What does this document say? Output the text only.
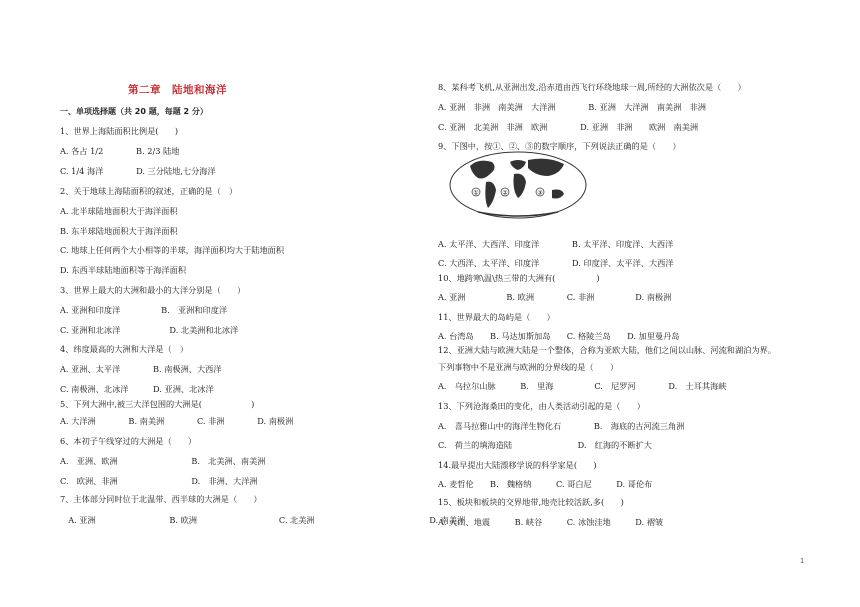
第二章　陆地和海洋
一、单项选择题（共 20 题，每题 2 分）
1、世界上海陆面积比例是(　　)
A. 各占 1/2　　　　B. 2/3 陆地
C. 1/4 海洋　　　　D. 三分陆地,七分海洋
2、关于地球上海陆面积的叙述，正确的是（　）
A. 北半球陆地面积大于海洋面积
B. 东半球陆地面积大于海洋面积
C. 地球上任何两个大小相等的半球，海洋面积均大于陆地面积
D. 东西半球陆地面积等于海洋面积
3、世界上最大的大洲和最小的大洋分别是（　　）
A. 亚洲和印度洋　　　　　B.　亚洲和印度洋
C. 亚洲和北冰洋　　　　　　D. 北美洲和北冰洋
4、纬度最高的大洲和大洋是（　）
A. 亚洲、太平洋　　　　B. 南极洲、大西洋
C. 南极洲、北冰洋　　　D. 亚洲、北冰洋
5、下列大洲中,被三大洋包围的大洲是(　　　　　　)
A. 大洋洲　　　　B. 南美洲　　　　C. 非洲　　　　D. 南极洲
6、本初子午线穿过的大洲是（　　）
A.　亚洲、欧洲　　　　　　　　　B.　北美洲、南美洲
C.　欧洲、非洲　　　　　　　　　D.　非洲、大洋洲
7、主体部分同时位于北温带、西半球的大洲是（　　）
　A. 亚洲　　　　　　　　　B. 欧洲　　　　　　　　　　C. 北美洲　　　　　　　　　　　　　　D. 南美洲
8、某科考飞机,从亚洲出发,沿赤道由西飞行环绕地球一周,所经的大洲依次是（　　）
A. 亚洲　非洲　南美洲　大洋洲　　　　B. 亚洲　大洋洲　南美洲　非洲
C. 亚洲　北美洲　非洲　欧洲　　　　D. 亚洲　非洲　　欧洲　南美洲
9、下图中，按①、②、③的数字顺序，下列说法正确的是（　　）
A. 太平洋、大西洋、印度洋　　　　B. 太平洋、印度洋、大西洋
C. 大西洋、太平洋、印度洋　　　　D. 印度洋、太平洋、大西洋
10、地跨寒\温\热三带的大洲有(　　　　　)
A. 亚洲　　　　　B. 欧洲　　　　C. 非洲　　　　　D. 南极洲
11、世界最大的岛屿是（　　）
A. 台湾岛　　B. 马达加斯加岛　　C. 格陵兰岛　　D. 加里曼丹岛
12、亚洲大陆与欧洲大陆是一个整体，合称为亚欧大陆，他们之间以山脉、河流和湖泊为界。
下列事物中不是亚洲与欧洲的分界线的是（　　）
A.　乌拉尔山脉　　　B.　里海　　　　　C.　尼罗河　　　　D.　土耳其海峡
13、下列沧海桑田的变化，由人类活动引起的是（　　）
A.　喜马拉雅山中的海洋生物化石　　　　B.　海底的古河流三角洲
C.　荷兰的填海造陆　　　　　　　　D.　红海的不断扩大
14.最早提出大陆漂移学说的科学家是(　　)
A. 麦哲伦　　B.　魏格纳　　　C. 哥白尼　　　D. 哥伦布
15、板块和板块的交界地带,地壳比较活跃,多(　　)
A. 火山、地震　　　B. 峡谷　　　C. 冰蚀洼地　　　D. 褶皱
①	②	③
1
